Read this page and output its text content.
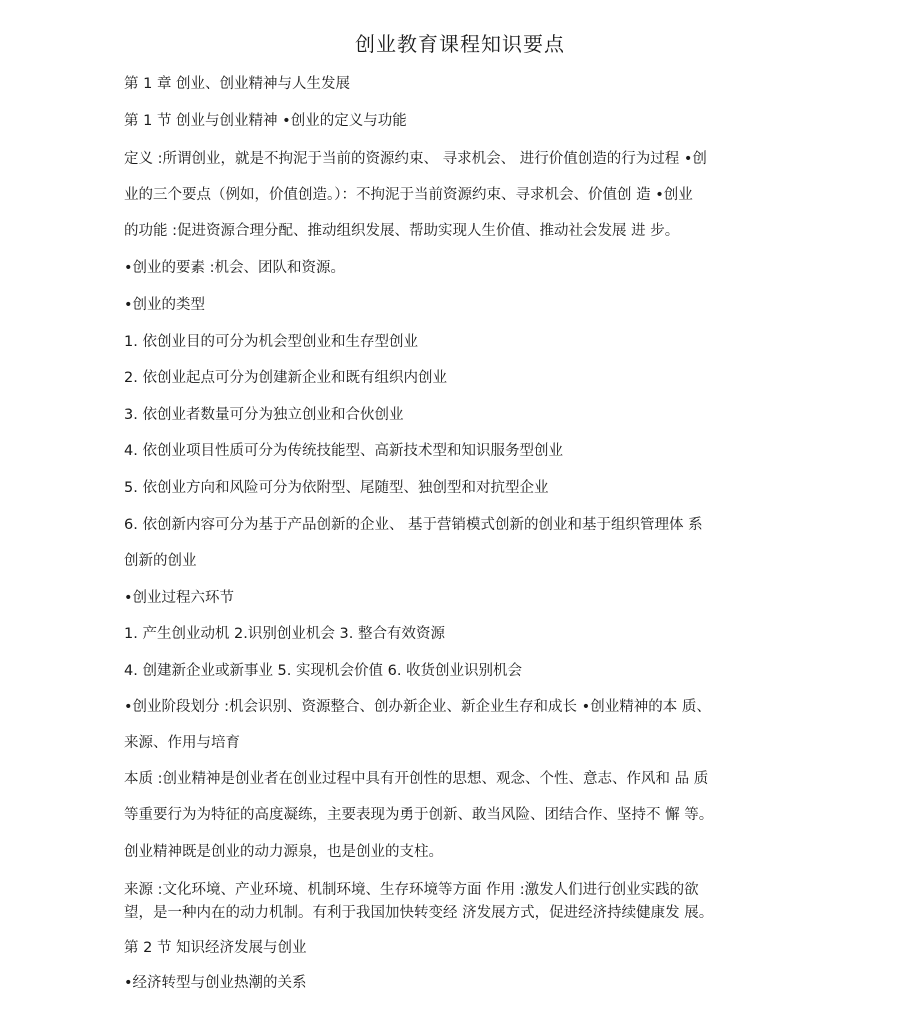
创业教育课程知识要点
第 1 章 创业、创业精神与人生发展
第 1 节 创业与创业精神 •创业的定义与功能
定义 :所谓创业，就是不拘泥于当前的资源约束、 寻求机会、 进行价值创造的行为过程 •创
业的三个要点（例如，价值创造。）：不拘泥于当前资源约束、寻求机会、价值创 造 •创业
的功能 :促进资源合理分配、推动组织发展、帮助实现人生价值、推动社会发展 进 步。
•创业的要素 :机会、团队和资源。
•创业的类型
1. 依创业目的可分为机会型创业和生存型创业
2. 依创业起点可分为创建新企业和既有组织内创业
3. 依创业者数量可分为独立创业和合伙创业
4. 依创业项目性质可分为传统技能型、高新技术型和知识服务型创业
5. 依创业方向和风险可分为依附型、尾随型、独创型和对抗型企业
6. 依创新内容可分为基于产品创新的企业、 基于营销模式创新的创业和基于组织管理体 系
创新的创业
•创业过程六环节
1. 产生创业动机 2.识别创业机会 3. 整合有效资源
4. 创建新企业或新事业 5. 实现机会价值 6. 收货创业识别机会
•创业阶段划分 :机会识别、资源整合、创办新企业、新企业生存和成长 •创业精神的本 质、
来源、作用与培育
本质 :创业精神是创业者在创业过程中具有开创性的思想、观念、个性、意志、作风和 品 质
等重要行为为特征的高度凝练，主要表现为勇于创新、敢当风险、团结合作、坚持不 懈 等。
创业精神既是创业的动力源泉，也是创业的支柱。
来源 :文化环境、产业环境、机制环境、生存环境等方面 作用 :激发人们进行创业实践的欲
望，是一种内在的动力机制。有利于我国加快转变经 济发展方式，促进经济持续健康发 展。
第 2 节 知识经济发展与创业
•经济转型与创业热潮的关系
